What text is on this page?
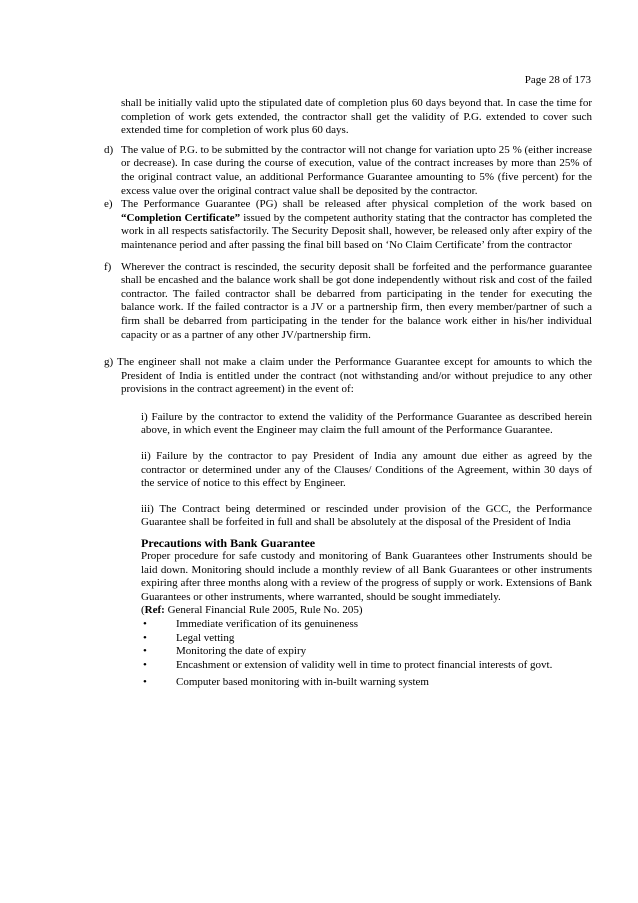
Page 28 of 173

shall be initially valid upto the stipulated date of completion plus 60 days beyond that. In case the time for completion of work gets extended, the contractor shall get the validity of P.G. extended to cover such extended time for completion of work plus 60 days.

d) The value of P.G. to be submitted by the contractor will not change for variation upto 25 % (either increase or decrease). In case during the course of execution, value of the contract increases by more than 25% of the original contract value, an additional Performance Guarantee amounting to 5% (five percent) for the excess value over the original contract value shall be deposited by the contractor.
e) The Performance Guarantee (PG) shall be released after physical completion of the work based on “Completion Certificate” issued by the competent authority stating that the contractor has completed the work in all respects satisfactorily. The Security Deposit shall, however, be released only after expiry of the maintenance period and after passing the final bill based on ‘No Claim Certificate’ from the contractor
f) Wherever the contract is rescinded, the security deposit shall be forfeited and the performance guarantee shall be encashed and the balance work shall be got done independently without risk and cost of the failed contractor. The failed contractor shall be debarred from participating in the tender for executing the balance work. If the failed contractor is a JV or a partnership firm, then every member/partner of such a firm shall be debarred from participating in the tender for the balance work either in his/her individual capacity or as a partner of any other JV/partnership firm.

g) The engineer shall not make a claim under the Performance Guarantee except for amounts to which the President of India is entitled under the contract (not withstanding and/or without prejudice to any other provisions in the contract agreement) in the event of:

i) Failure by the contractor to extend the validity of the Performance Guarantee as described herein above, in which event the Engineer may claim the full amount of the Performance Guarantee.

ii) Failure by the contractor to pay President of India any amount due either as agreed by the contractor or determined under any of the Clauses/ Conditions of the Agreement, within 30 days of the service of notice to this effect by Engineer.

iii) The Contract being determined or rescinded under provision of the GCC, the Performance Guarantee shall be forfeited in full and shall be absolutely at the disposal of the President of India

Precautions with Bank Guarantee

Proper procedure for safe custody and monitoring of Bank Guarantees other Instruments should be laid down. Monitoring should include a monthly review of all Bank Guarantees or other instruments expiring after three months along with a review of the progress of supply or work. Extensions of Bank Guarantees or other instruments, where warranted, should be sought immediately.

(Ref: General Financial Rule 2005, Rule No. 205)
• Immediate verification of its genuineness
• Legal vetting
• Monitoring the date of expiry
• Encashment or extension of validity well in time to protect financial interests of govt.
• Computer based monitoring with in-built warning system
